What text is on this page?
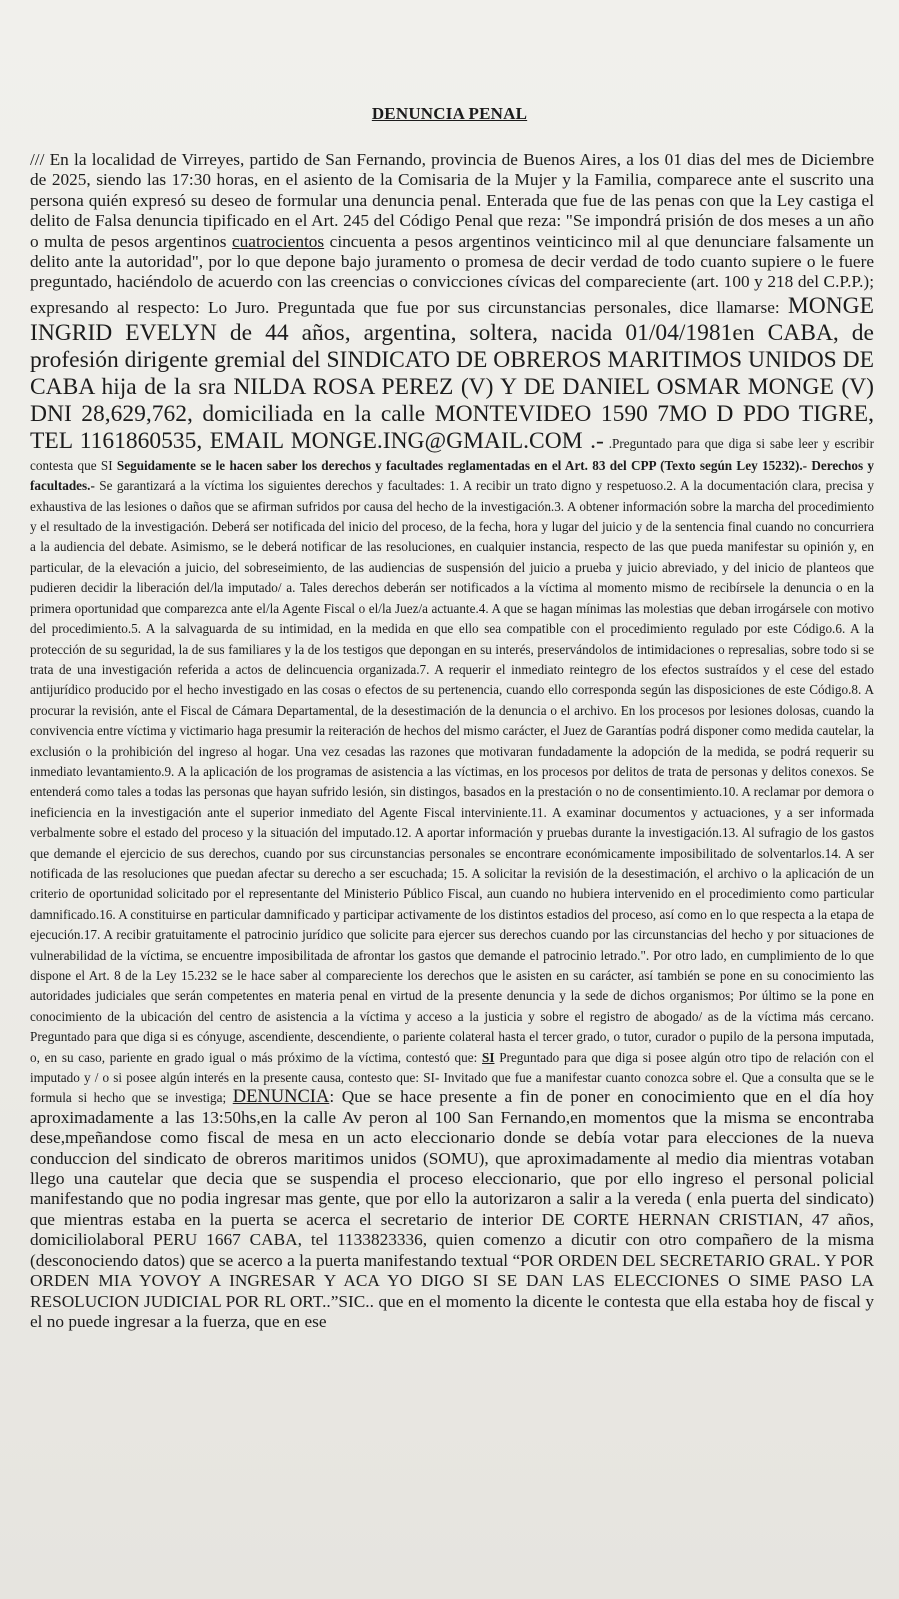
DENUNCIA PENAL

/// En la localidad de Virreyes, partido de San Fernando, provincia de Buenos Aires, a los 01 dias del mes de Diciembre de 2025, siendo las 17:30 horas, en el asiento de la Comisaria de la Mujer y la Familia, comparece ante el suscrito una persona quién expresó su deseo de formular una denuncia penal. Enterada que fue de las penas con que la Ley castiga el delito de Falsa denuncia tipificado en el Art. 245 del Código Penal que reza: "Se impondrá prisión de dos meses a un año o multa de pesos argentinos cuatrocientos cincuenta a pesos argentinos veinticinco mil al que denunciare falsamente un delito ante la autoridad", por lo que depone bajo juramento o promesa de decir verdad de todo cuanto supiere o le fuere preguntado, haciéndolo de acuerdo con las creencias o convicciones cívicas del compareciente (art. 100 y 218 del C.P.P.); expresando al respecto: Lo Juro. Preguntada que fue por sus circunstancias personales, dice llamarse: MONGE INGRID EVELYN de 44 años, argentina, soltera, nacida 01/04/1981en CABA, de profesión dirigente gremial del SINDICATO DE OBREROS MARITIMOS UNIDOS DE CABA hija de la sra NILDA ROSA PEREZ (V) Y DE DANIEL OSMAR MONGE (V) DNI 28,629,762, domiciliada en la calle MONTEVIDEO 1590 7MO D PDO TIGRE, TEL 1161860535, EMAIL MONGE.ING@GMAIL.COM .- .Preguntado para que diga si sabe leer y escribir contesta que SI Seguidamente se le hacen saber los derechos y facultades reglamentadas en el Art. 83 del CPP (Texto según Ley 15232).- Derechos y facultades.- Se garantizará a la víctima los siguientes derechos y facultades: 1. A recibir un trato digno y respetuoso.2. A la documentación clara, precisa y exhaustiva de las lesiones o daños que se afirman sufridos por causa del hecho de la investigación.3. A obtener información sobre la marcha del procedimiento y el resultado de la investigación. Deberá ser notificada del inicio del proceso, de la fecha, hora y lugar del juicio y de la sentencia final cuando no concurriera a la audiencia del debate. Asimismo, se le deberá notificar de las resoluciones, en cualquier instancia, respecto de las que pueda manifestar su opinión y, en particular, de la elevación a juicio, del sobreseimiento, de las audiencias de suspensión del juicio a prueba y juicio abreviado, y del inicio de planteos que pudieren decidir la liberación del/la imputado/ a. Tales derechos deberán ser notificados a la víctima al momento mismo de recibírsele la denuncia o en la primera oportunidad que comparezca ante el/la Agente Fiscal o el/la Juez/a actuante.4. A que se hagan mínimas las molestias que deban irrogársele con motivo del procedimiento.5. A la salvaguarda de su intimidad, en la medida en que ello sea compatible con el procedimiento regulado por este Código.6. A la protección de su seguridad, la de sus familiares y la de los testigos que depongan en su interés, preservándolos de intimidaciones o represalias, sobre todo si se trata de una investigación referida a actos de delincuencia organizada.7. A requerir el inmediato reintegro de los efectos sustraídos y el cese del estado antijurídico producido por el hecho investigado en las cosas o efectos de su pertenencia, cuando ello corresponda según las disposiciones de este Código.8. A procurar la revisión, ante el Fiscal de Cámara Departamental, de la desestimación de la denuncia o el archivo. En los procesos por lesiones dolosas, cuando la convivencia entre víctima y victimario haga presumir la reiteración de hechos del mismo carácter, el Juez de Garantías podrá disponer como medida cautelar, la exclusión o la prohibición del ingreso al hogar. Una vez cesadas las razones que motivaran fundadamente la adopción de la medida, se podrá requerir su inmediato levantamiento.9. A la aplicación de los programas de asistencia a las víctimas, en los procesos por delitos de trata de personas y delitos conexos. Se entenderá como tales a todas las personas que hayan sufrido lesión, sin distingos, basados en la prestación o no de consentimiento.10. A reclamar por demora o ineficiencia en la investigación ante el superior inmediato del Agente Fiscal interviniente.11. A examinar documentos y actuaciones, y a ser informada verbalmente sobre el estado del proceso y la situación del imputado.12. A aportar información y pruebas durante la investigación.13. Al sufragio de los gastos que demande el ejercicio de sus derechos, cuando por sus circunstancias personales se encontrare económicamente imposibilitado de solventarlos.14. A ser notificada de las resoluciones que puedan afectar su derecho a ser escuchada; 15. A solicitar la revisión de la desestimación, el archivo o la aplicación de un criterio de oportunidad solicitado por el representante del Ministerio Público Fiscal, aun cuando no hubiera intervenido en el procedimiento como particular damnificado.16. A constituirse en particular damnificado y participar activamente de los distintos estadios del proceso, así como en lo que respecta a la etapa de ejecución.17. A recibir gratuitamente el patrocinio jurídico que solicite para ejercer sus derechos cuando por las circunstancias del hecho y por situaciones de vulnerabilidad de la víctima, se encuentre imposibilitada de afrontar los gastos que demande el patrocinio letrado.". Por otro lado, en cumplimiento de lo que dispone el Art. 8 de la Ley 15.232 se le hace saber al compareciente los derechos que le asisten en su carácter, así también se pone en su conocimiento las autoridades judiciales que serán competentes en materia penal en virtud de la presente denuncia y la sede de dichos organismos; Por último se la pone en conocimiento de la ubicación del centro de asistencia a la víctima y acceso a la justicia y sobre el registro de abogado/ as de la víctima más cercano. Preguntado para que diga si es cónyuge, ascendiente, descendiente, o pariente colateral hasta el tercer grado, o tutor, curador o pupilo de la persona imputada, o, en su caso, pariente en grado igual o más próximo de la víctima, contestó que: SI Preguntado para que diga si posee algún otro tipo de relación con el imputado y / o si posee algún interés en la presente causa, contesto que: SI- Invitado que fue a manifestar cuanto conozca sobre el. Que a consulta que se le formula si hecho que se investiga; DENUNCIA: Que se hace presente a fin de poner en conocimiento que en el día hoy aproximadamente a las 13:50hs,en la calle Av peron al 100 San Fernando,en momentos que la misma se encontraba dese,mpeñandose como fiscal de mesa en un acto eleccionario donde se debía votar para elecciones de la nueva conduccion del sindicato de obreros maritimos unidos (SOMU), que aproximadamente al medio dia mientras votaban llego una cautelar que decia que se suspendia el proceso eleccionario, que por ello ingreso el personal policial manifestando que no podia ingresar mas gente, que por ello la autorizaron a salir a la vereda ( enla puerta del sindicato) que mientras estaba en la puerta se acerca el secretario de interior DE CORTE HERNAN CRISTIAN, 47 años, domiciliolaboral PERU 1667 CABA, tel 1133823336, quien comenzo a dicutir con otro compañero de la misma (desconociendo datos) que se acerco a la puerta manifestando textual “POR ORDEN DEL SECRETARIO GRAL. Y POR ORDEN MIA YOVOY A INGRESAR Y ACA YO DIGO SI SE DAN LAS ELECCIONES O SIME PASO LA RESOLUCION JUDICIAL POR RL ORT..”SIC.. que en el momento la dicente le contesta que ella estaba hoy de fiscal y el no puede ingresar a la fuerza, que en ese
